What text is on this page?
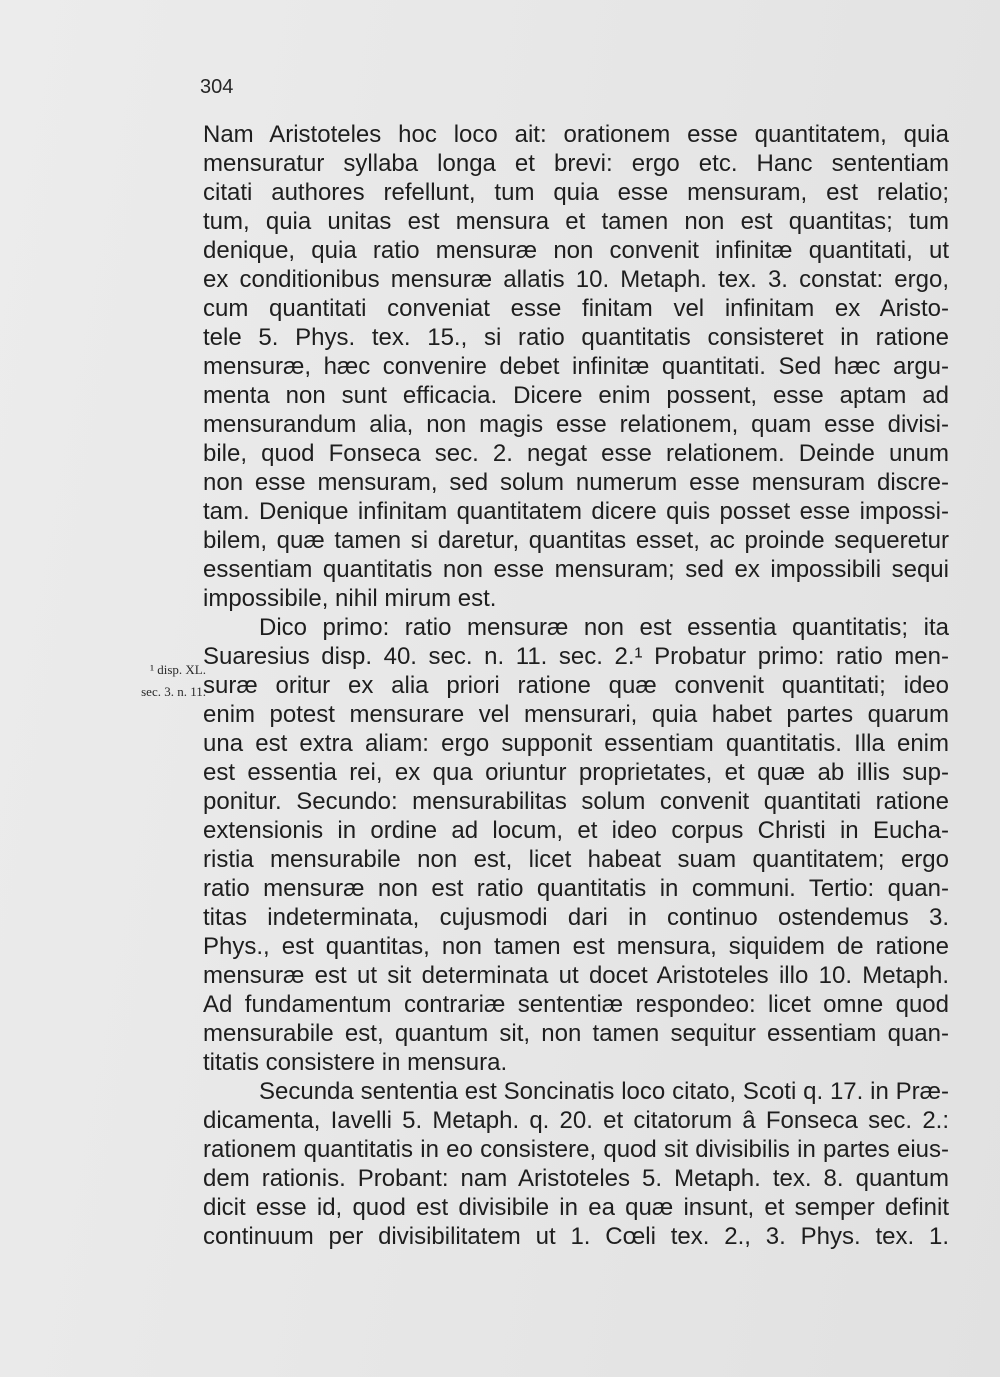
304
¹ disp. XL.
sec. 3. n. 11.
Nam Aristoteles hoc loco ait: orationem esse quantitatem, quia
mensuratur syllaba longa et brevi: ergo etc. Hanc sententiam
citati authores refellunt, tum quia esse mensuram, est relatio;
tum, quia unitas est mensura et tamen non est quantitas; tum
denique, quia ratio mensuræ non convenit infinitæ quantitati, ut
ex conditionibus mensuræ allatis 10. Metaph. tex. 3. constat: ergo,
cum quantitati conveniat esse finitam vel infinitam ex Aristo-
tele 5. Phys. tex. 15., si ratio quantitatis consisteret in ratione
mensuræ, hæc convenire debet infinitæ quantitati. Sed hæc argu-
menta non sunt efficacia. Dicere enim possent, esse aptam ad
mensurandum alia, non magis esse relationem, quam esse divisi-
bile, quod Fonseca sec. 2. negat esse relationem. Deinde unum
non esse mensuram, sed solum numerum esse mensuram discre-
tam. Denique infinitam quantitatem dicere quis posset esse impossi-
bilem, quæ tamen si daretur, quantitas esset, ac proinde sequeretur
essentiam quantitatis non esse mensuram; sed ex impossibili sequi
impossibile, nihil mirum est.
Dico primo: ratio mensuræ non est essentia quantitatis; ita
Suaresius disp. 40. sec. n. 11. sec. 2.¹ Probatur primo: ratio men-
suræ oritur ex alia priori ratione quæ convenit quantitati; ideo
enim potest mensurare vel mensurari, quia habet partes quarum
una est extra aliam: ergo supponit essentiam quantitatis. Illa enim
est essentia rei, ex qua oriuntur proprietates, et quæ ab illis sup-
ponitur. Secundo: mensurabilitas solum convenit quantitati ratione
extensionis in ordine ad locum, et ideo corpus Christi in Eucha-
ristia mensurabile non est, licet habeat suam quantitatem; ergo
ratio mensuræ non est ratio quantitatis in communi. Tertio: quan-
titas indeterminata, cujusmodi dari in continuo ostendemus 3.
Phys., est quantitas, non tamen est mensura, siquidem de ratione
mensuræ est ut sit determinata ut docet Aristoteles illo 10. Metaph.
Ad fundamentum contrariæ sententiæ respondeo: licet omne quod
mensurabile est, quantum sit, non tamen sequitur essentiam quan-
titatis consistere in mensura.
Secunda sententia est Soncinatis loco citato, Scoti q. 17. in Præ-
dicamenta, Iavelli 5. Metaph. q. 20. et citatorum â Fonseca sec. 2.:
rationem quantitatis in eo consistere, quod sit divisibilis in partes eius-
dem rationis. Probant: nam Aristoteles 5. Metaph. tex. 8. quantum
dicit esse id, quod est divisibile in ea quæ insunt, et semper definit
continuum per divisibilitatem ut 1. Cœli tex. 2., 3. Phys. tex. 1.
